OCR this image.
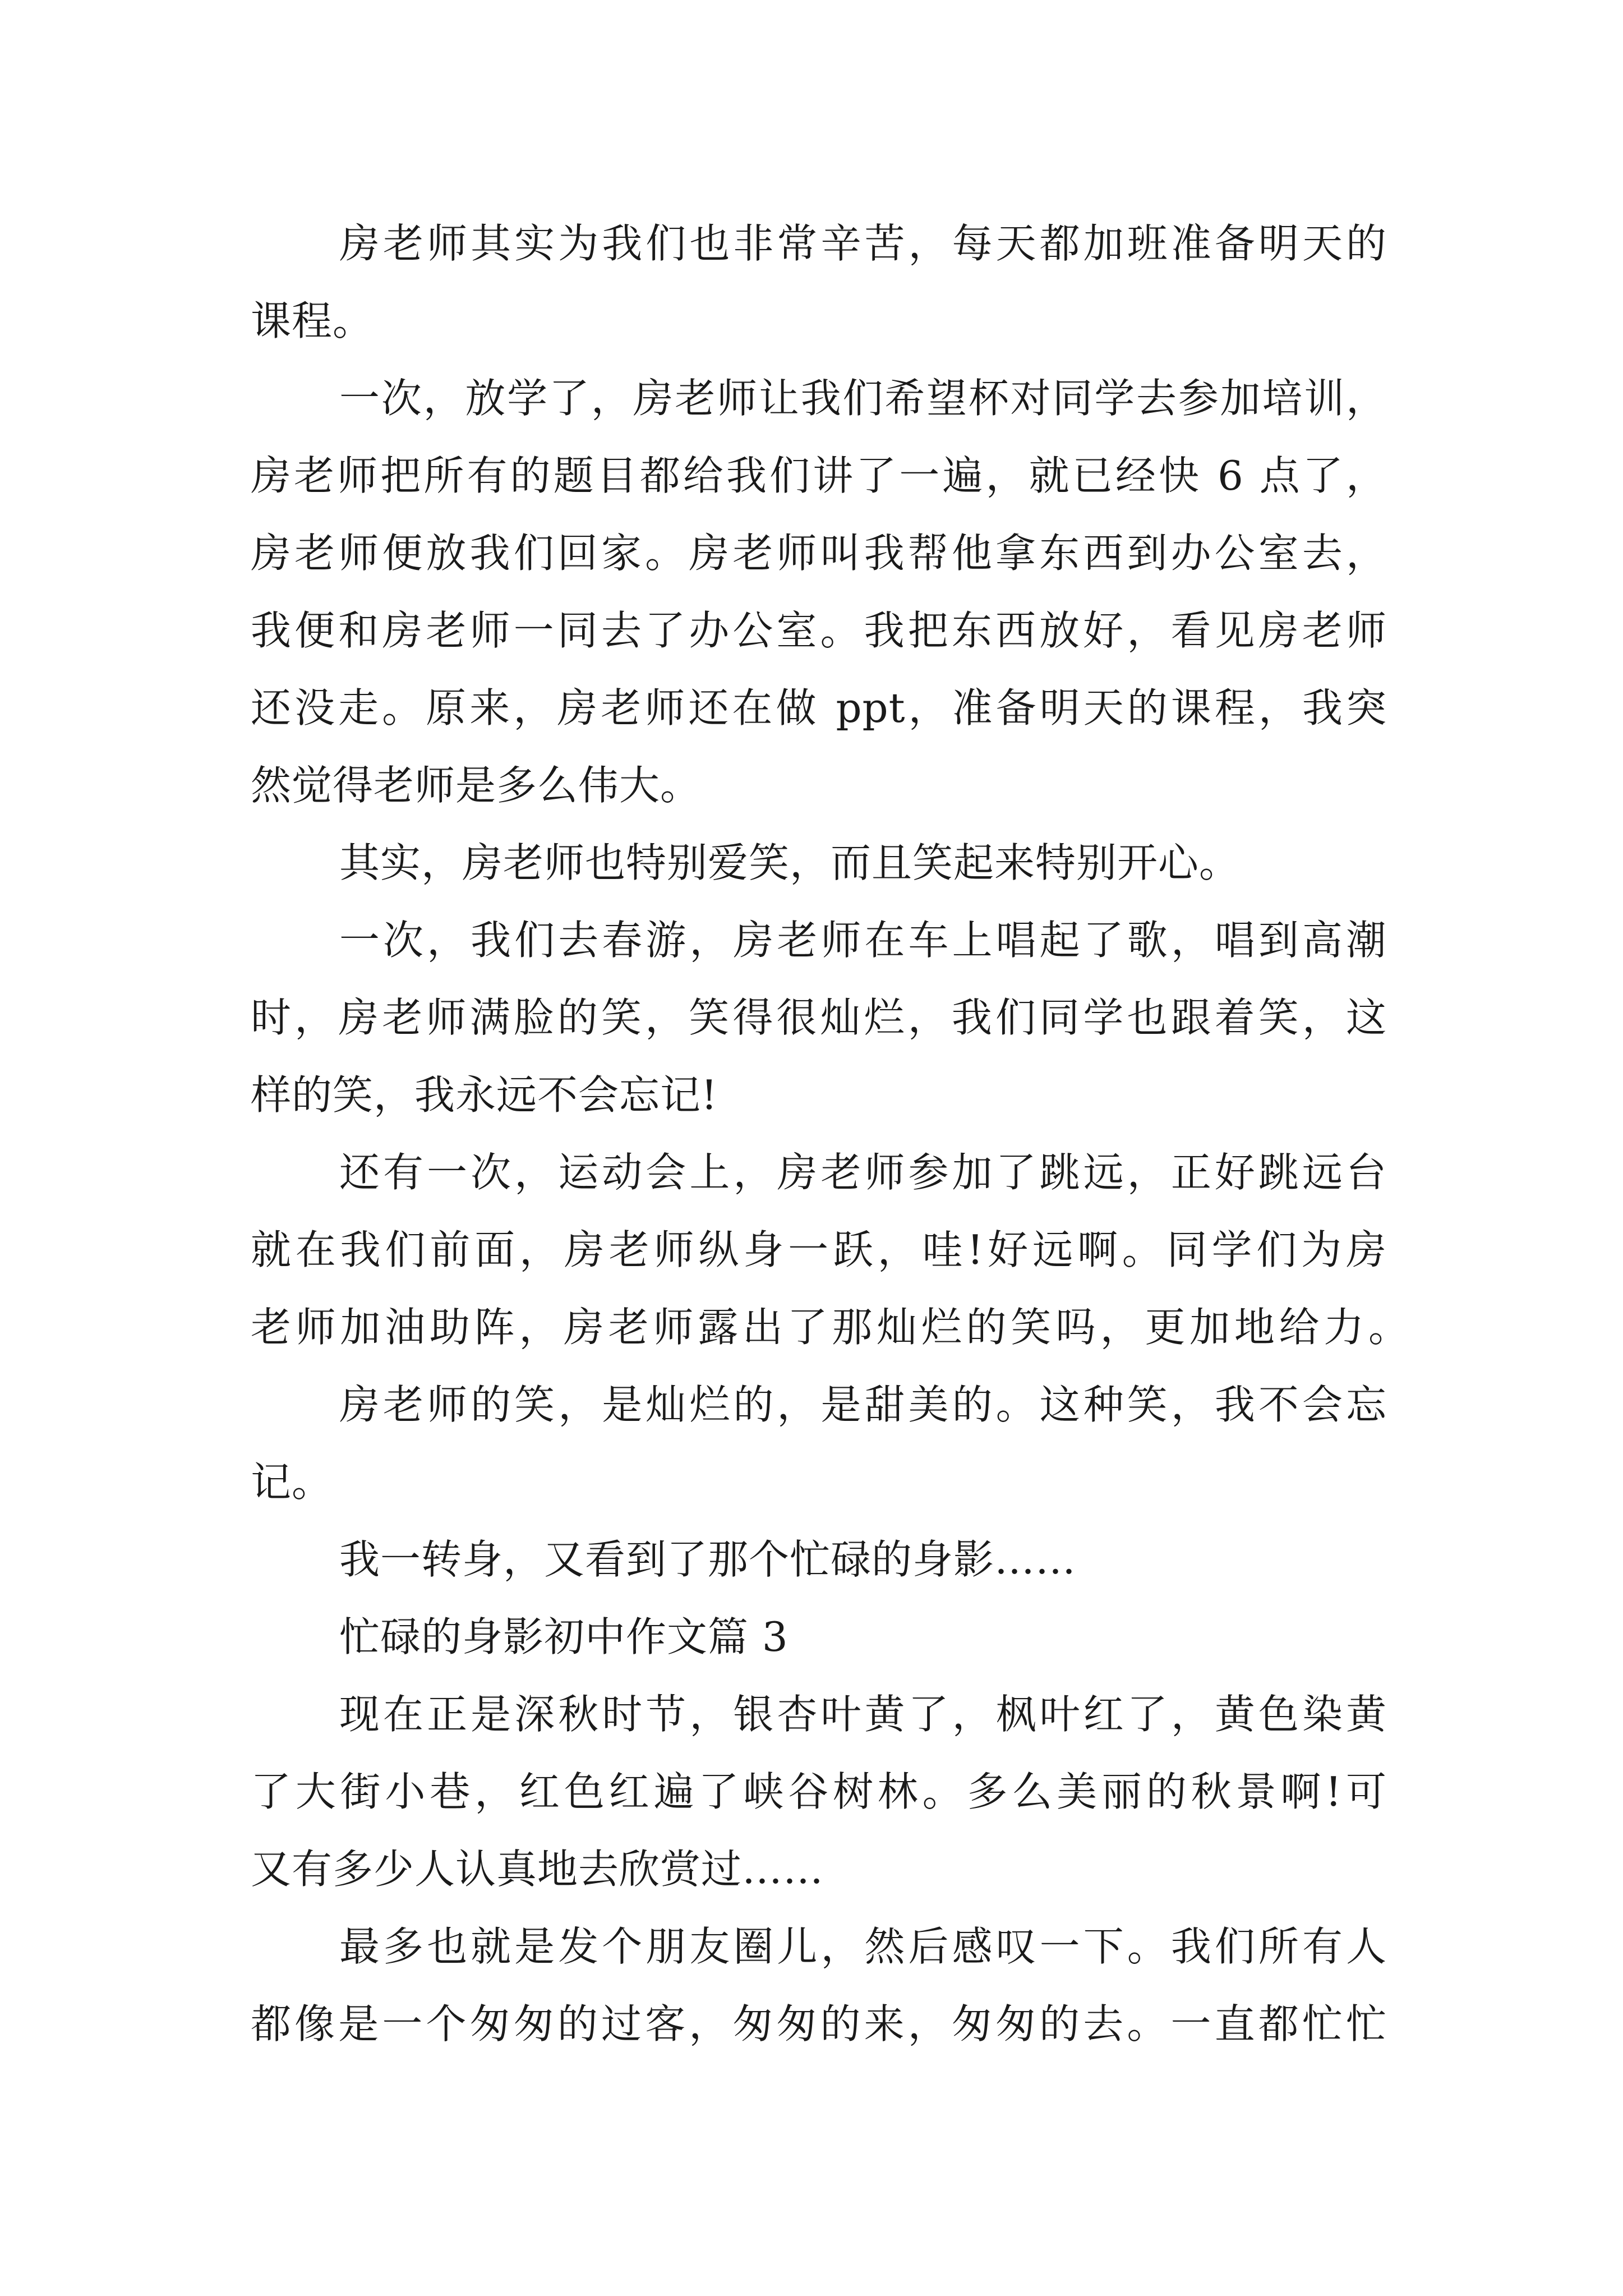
房老师其实为我们也非常辛苦，每天都加班准备明天的
课程。
一次，放学了，房老师让我们希望杯对同学去参加培训，
房老师把所有的题目都给我们讲了一遍，就已经快 6 点了，
房老师便放我们回家。房老师叫我帮他拿东西到办公室去，
我便和房老师一同去了办公室。我把东西放好，看见房老师
还没走。原来，房老师还在做 ppt，准备明天的课程，我突
然觉得老师是多么伟大。
其实，房老师也特别爱笑，而且笑起来特别开心。
一次，我们去春游，房老师在车上唱起了歌，唱到高潮
时，房老师满脸的笑，笑得很灿烂，我们同学也跟着笑，这
样的笑，我永远不会忘记!
还有一次，运动会上，房老师参加了跳远，正好跳远台
就在我们前面，房老师纵身一跃，哇!好远啊。同学们为房
老师加油助阵，房老师露出了那灿烂的笑吗，更加地给力。
房老师的笑，是灿烂的，是甜美的。这种笑，我不会忘
记。
我一转身，又看到了那个忙碌的身影……
忙碌的身影初中作文篇 3
现在正是深秋时节，银杏叶黄了，枫叶红了，黄色染黄
了大街小巷，红色红遍了峡谷树林。多么美丽的秋景啊!可
又有多少人认真地去欣赏过……
最多也就是发个朋友圈儿，然后感叹一下。我们所有人
都像是一个匆匆的过客，匆匆的来，匆匆的去。一直都忙忙
